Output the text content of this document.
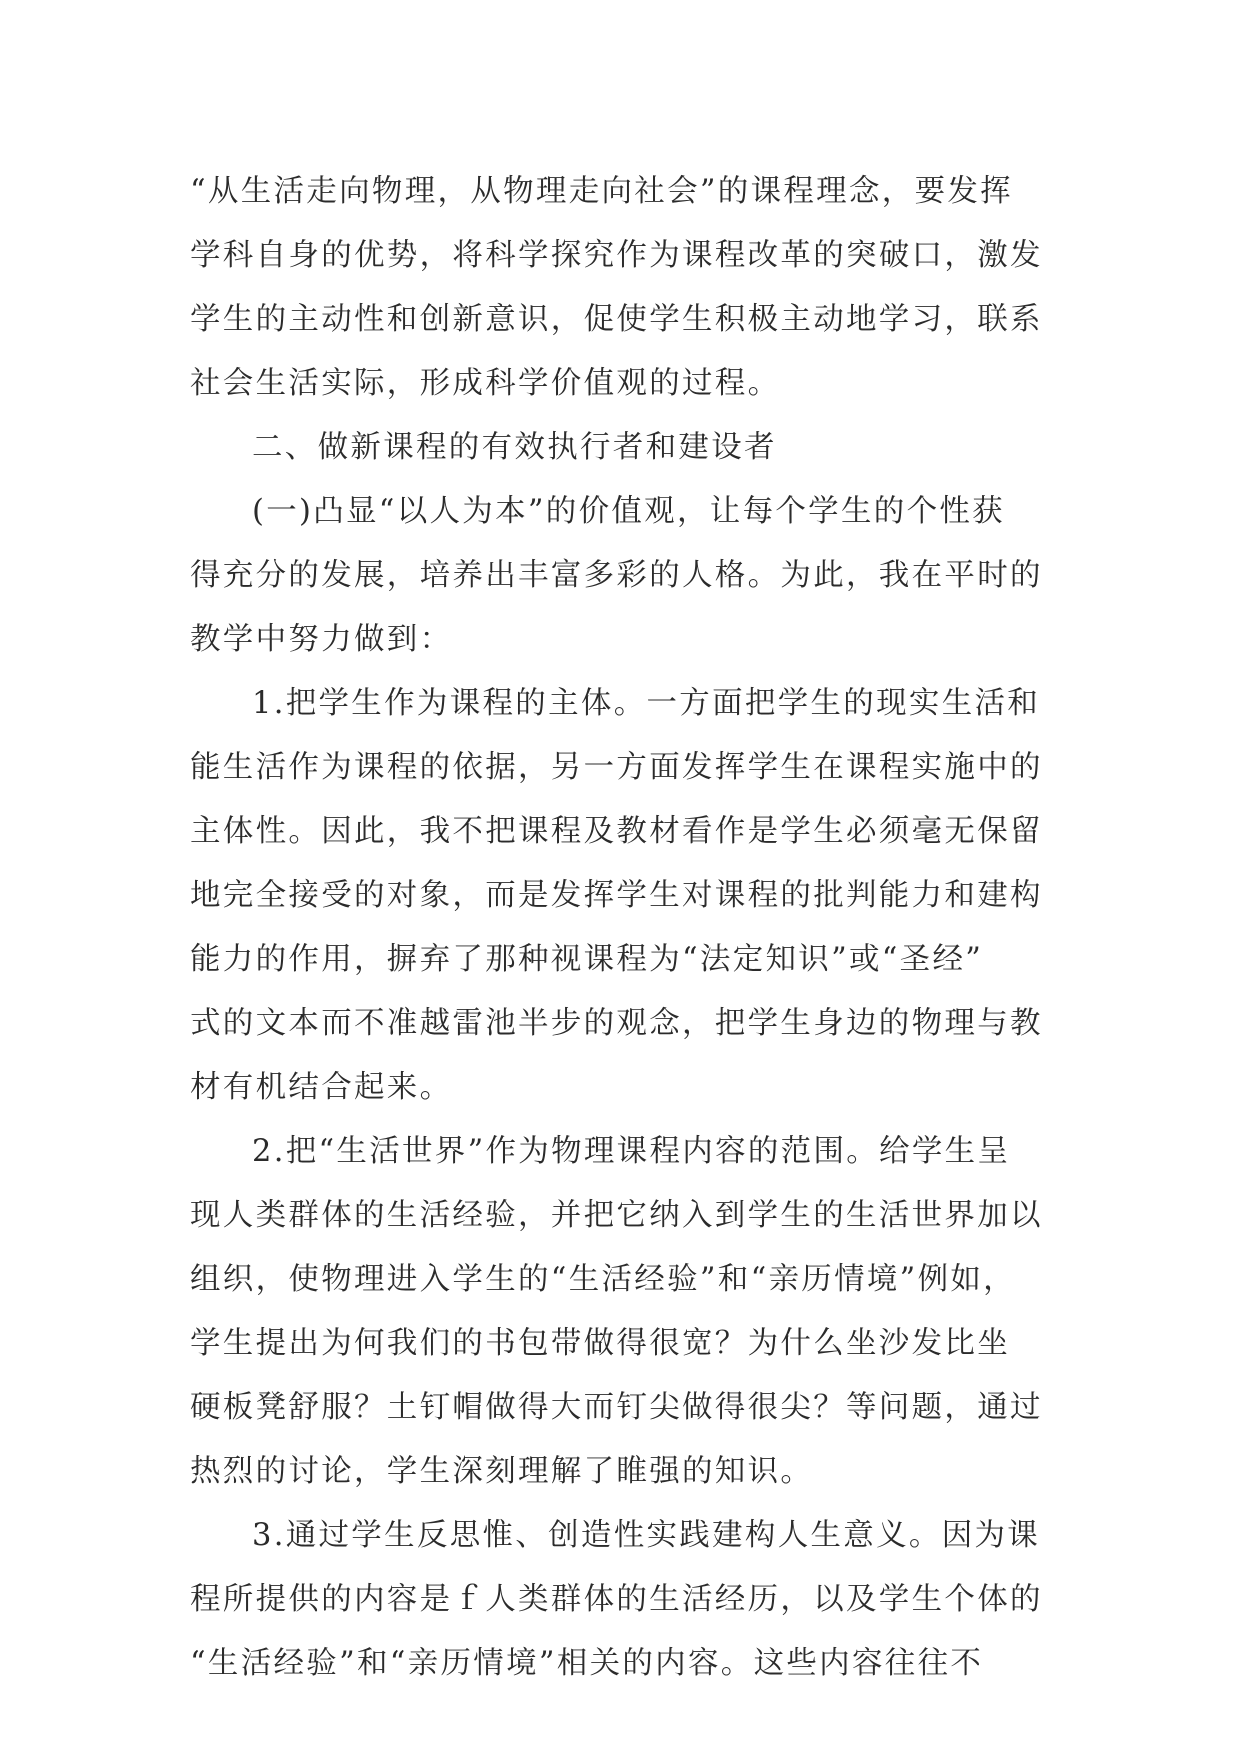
“从生活走向物理，从物理走向社会”的课程理念，要发挥
学科自身的优势，将科学探究作为课程改革的突破口，激发
学生的主动性和创新意识，促使学生积极主动地学习，联系
社会生活实际，形成科学价值观的过程。
二、做新课程的有效执行者和建设者
(一)凸显“以人为本”的价值观，让每个学生的个性获
得充分的发展，培养出丰富多彩的人格。为此，我在平时的
教学中努力做到：
1.把学生作为课程的主体。一方面把学生的现实生活和
能生活作为课程的依据，另一方面发挥学生在课程实施中的
主体性。因此，我不把课程及教材看作是学生必须毫无保留
地完全接受的对象，而是发挥学生对课程的批判能力和建构
能力的作用，摒弃了那种视课程为“法定知识”或“圣经”
式的文本而不准越雷池半步的观念，把学生身边的物理与教
材有机结合起来。
2.把“生活世界”作为物理课程内容的范围。给学生呈
现人类群体的生活经验，并把它纳入到学生的生活世界加以
组织，使物理进入学生的“生活经验”和“亲历情境”例如，
学生提出为何我们的书包带做得很宽？为什么坐沙发比坐
硬板凳舒服？土钉帽做得大而钉尖做得很尖？等问题，通过
热烈的讨论，学生深刻理解了睢强的知识。
3.通过学生反思惟、创造性实践建构人生意义。因为课
程所提供的内容是ｆ人类群体的生活经历，以及学生个体的
“生活经验”和“亲历情境”相关的内容。这些内容往往不
